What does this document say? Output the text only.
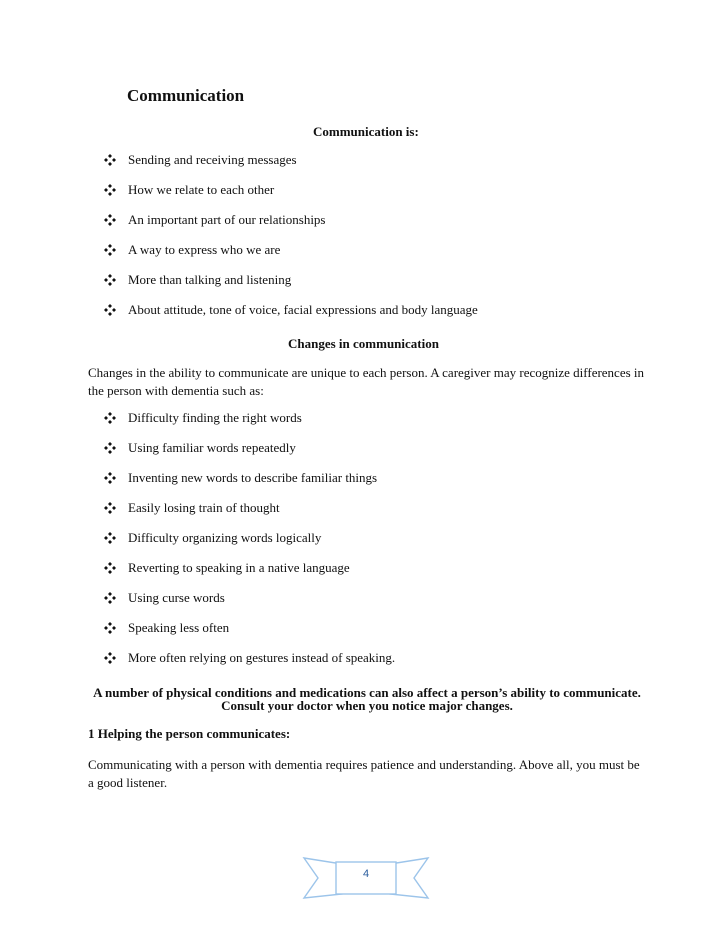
Communication
Communication is:
Sending and receiving messages
How we relate to each other
An important part of our relationships
A way to express who we are
More than talking and listening
About attitude, tone of voice, facial expressions and body language
Changes in communication
Changes in the ability to communicate are unique to each person. A caregiver may recognize differences in the person with dementia such as:
Difficulty finding the right words
Using familiar words repeatedly
Inventing new words to describe familiar things
Easily losing train of thought
Difficulty organizing words logically
Reverting to speaking in a native language
Using curse words
Speaking less often
More often relying on gestures instead of speaking.
A number of physical conditions and medications can also affect a person’s ability to communicate.
Consult your doctor when you notice major changes.
1 Helping the person communicates:
Communicating with a person with dementia requires patience and understanding. Above all, you must be a good listener.
4
